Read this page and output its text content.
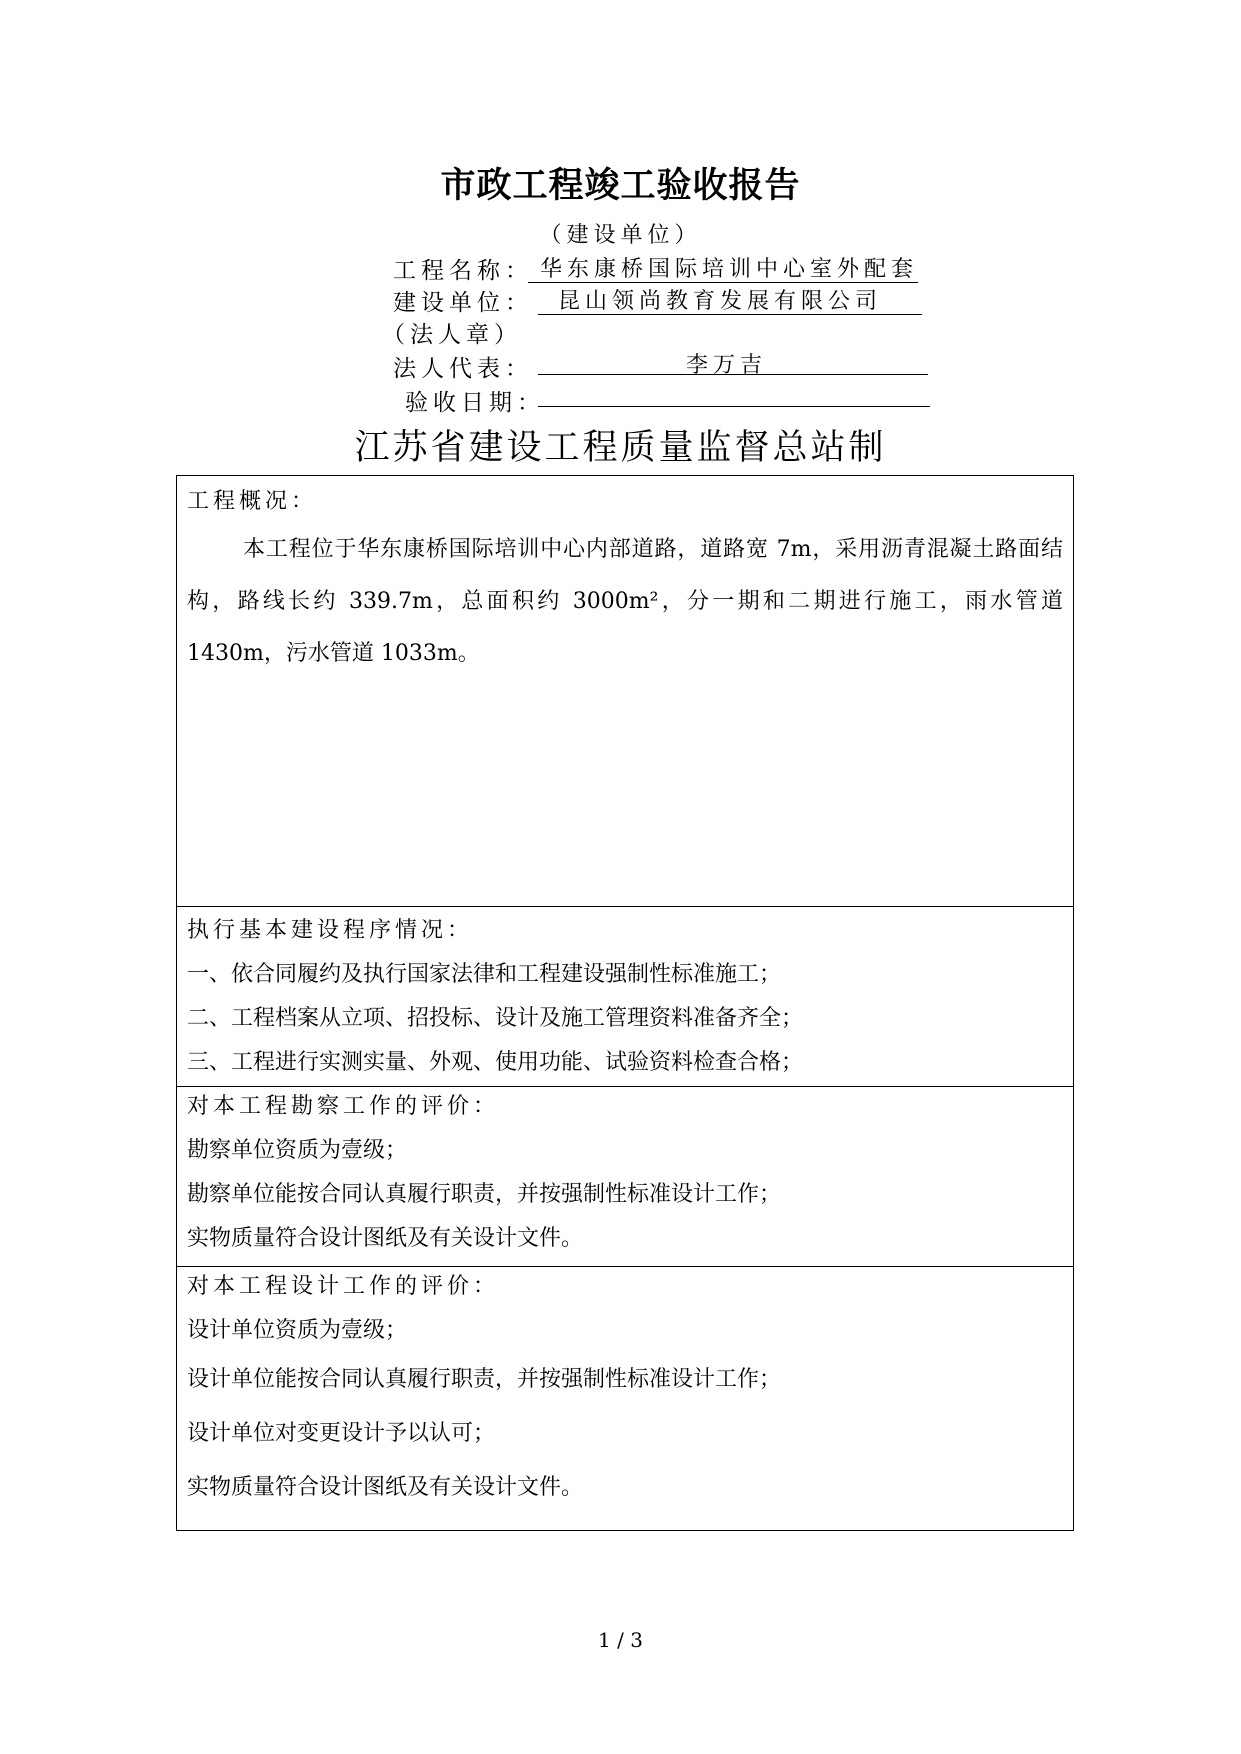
市政工程竣工验收报告
（建设单位）
工程名称： 华东康桥国际培训中心室外配套
建设单位： 昆山领尚教育发展有限公司
（法人章）
法人代表：	李万吉
验收日期：
江苏省建设工程质量监督总站制
工程概况：
本工程位于华东康桥国际培训中心内部道路，道路宽 7m，采用沥青混凝土路面结构，路线长约 339.7m，总面积约 3000m²，分一期和二期进行施工，雨水管道 1430m，污水管道 1033m。
执行基本建设程序情况：
一、依合同履约及执行国家法律和工程建设强制性标准施工；
二、工程档案从立项、招投标、设计及施工管理资料准备齐全；
三、工程进行实测实量、外观、使用功能、试验资料检查合格；
对本工程勘察工作的评价：
勘察单位资质为壹级；
勘察单位能按合同认真履行职责，并按强制性标准设计工作；
实物质量符合设计图纸及有关设计文件。
对本工程设计工作的评价：
设计单位资质为壹级；
设计单位能按合同认真履行职责，并按强制性标准设计工作；
设计单位对变更设计予以认可；
实物质量符合设计图纸及有关设计文件。
1 / 3
